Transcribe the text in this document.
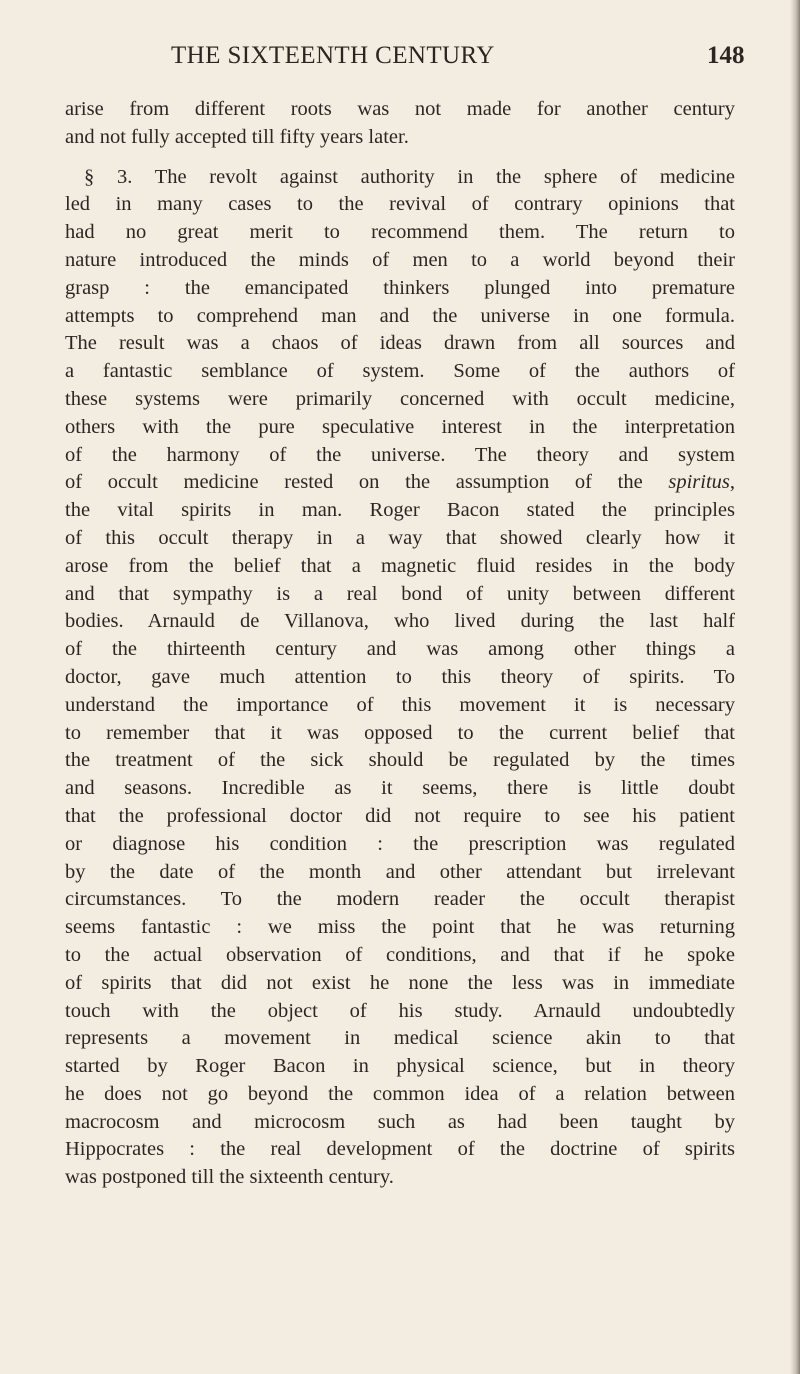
THE SIXTEENTH CENTURY	148
arise from different roots was not made for another century
and not fully accepted till fifty years later.
§ 3. The revolt against authority in the sphere of medicine
led in many cases to the revival of contrary opinions that
had no great merit to recommend them. The return to
nature introduced the minds of men to a world beyond their
grasp : the emancipated thinkers plunged into premature
attempts to comprehend man and the universe in one formula.
The result was a chaos of ideas drawn from all sources and
a fantastic semblance of system. Some of the authors of
these systems were primarily concerned with occult medicine,
others with the pure speculative interest in the interpretation
of the harmony of the universe. The theory and system
of occult medicine rested on the assumption of the spiritus,
the vital spirits in man. Roger Bacon stated the principles
of this occult therapy in a way that showed clearly how it
arose from the belief that a magnetic fluid resides in the body
and that sympathy is a real bond of unity between different
bodies. Arnauld de Villanova, who lived during the last half
of the thirteenth century and was among other things a
doctor, gave much attention to this theory of spirits. To
understand the importance of this movement it is necessary
to remember that it was opposed to the current belief that
the treatment of the sick should be regulated by the times
and seasons. Incredible as it seems, there is little doubt
that the professional doctor did not require to see his patient
or diagnose his condition : the prescription was regulated
by the date of the month and other attendant but irrelevant
circumstances. To the modern reader the occult therapist
seems fantastic : we miss the point that he was returning
to the actual observation of conditions, and that if he spoke
of spirits that did not exist he none the less was in immediate
touch with the object of his study. Arnauld undoubtedly
represents a movement in medical science akin to that
started by Roger Bacon in physical science, but in theory
he does not go beyond the common idea of a relation between
macrocosm and microcosm such as had been taught by
Hippocrates : the real development of the doctrine of spirits
was postponed till the sixteenth century.
